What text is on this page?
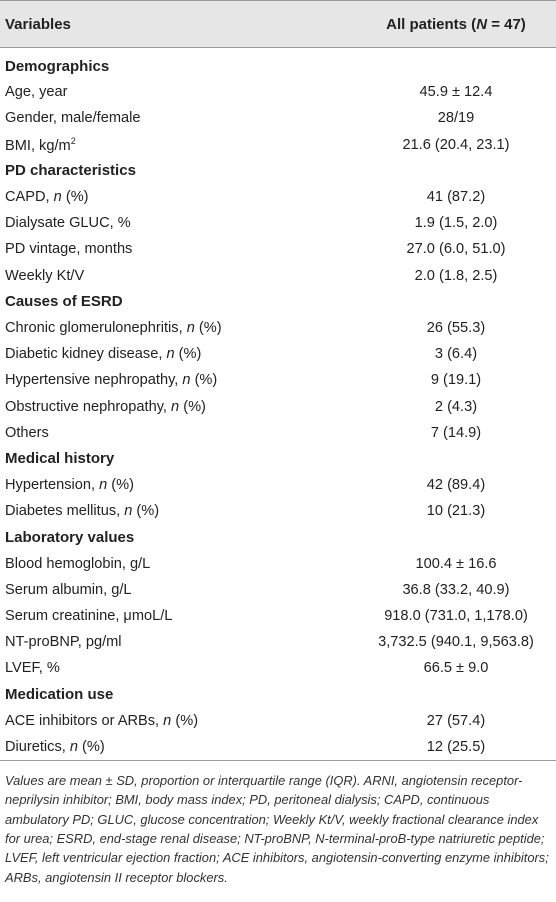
Variables	All patients (N = 47)
Demographics
Age, year	45.9 ± 12.4
Gender, male/female	28/19
BMI, $kg/m^2$	21.6 (20.4, 23.1)
PD characteristics
CAPD, n (%)	41 (87.2)
Dialysate GLUC, %	1.9 (1.5, 2.0)
PD vintage, months	27.0 (6.0, 51.0)
Weekly Kt/V	2.0 (1.8, 2.5)
Causes of ESRD
Chronic glomerulonephritis, n (%)	26 (55.3)
Diabetic kidney disease, n (%)	3 (6.4)
Hypertensive nephropathy, n (%)	9 (19.1)
Obstructive nephropathy, n (%)	2 (4.3)
Others	7 (14.9)
Medical history
Hypertension, n (%)	42 (89.4)
Diabetes mellitus, n (%)	10 (21.3)
Laboratory values
Blood hemoglobin, g/L	100.4 ± 16.6
Serum albumin, g/L	36.8 (33.2, 40.9)
Serum creatinine, μmoL/L	918.0 (731.0, 1,178.0)
NT-proBNP, pg/ml	3,732.5 (940.1, 9,563.8)
LVEF, %	66.5 ± 9.0
Medication use
ACE inhibitors or ARBs, n (%)	27 (57.4)
Diuretics, n (%)	12 (25.5)
Values are mean ± SD, proportion or interquartile range (IQR). ARNI, angiotensin receptor-neprilysin inhibitor; BMI, body mass index; PD, peritoneal dialysis; CAPD, continuous ambulatory PD; GLUC, glucose concentration; Weekly Kt/V, weekly fractional clearance index for urea; ESRD, end-stage renal disease; NT-proBNP, N-terminal-proB-type natriuretic peptide; LVEF, left ventricular ejection fraction; ACE inhibitors, angiotensin-converting enzyme inhibitors; ARBs, angiotensin II receptor blockers.
